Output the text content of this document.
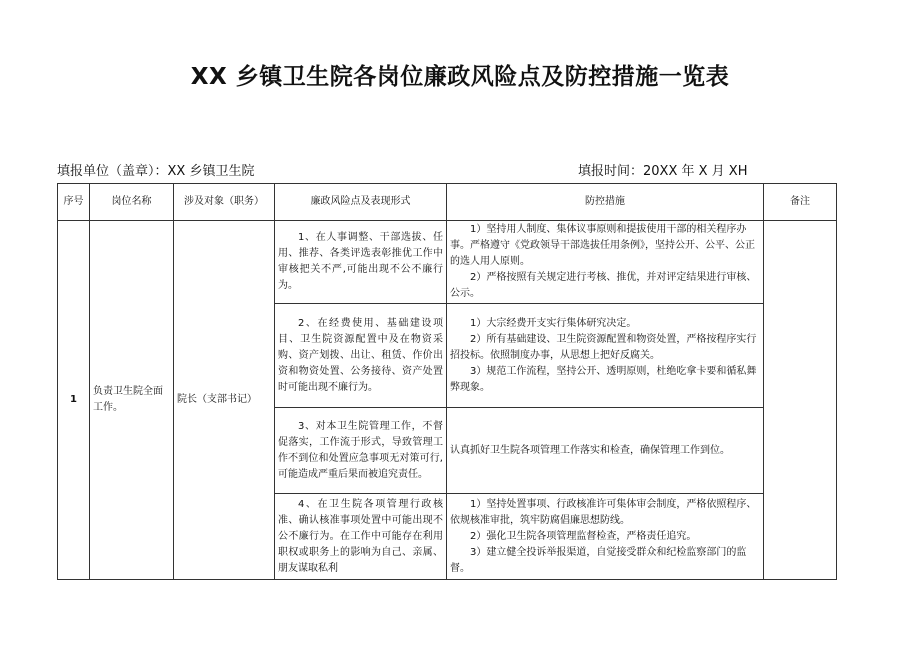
XX 乡镇卫生院各岗位廉政风险点及防控措施一览表
填报单位（盖章）：XX 乡镇卫生院	填报时间：20XX 年 X 月 XH
序号	岗位名称	涉及对象（职务）	廉政风险点及表现形式	防控措施	备注
1	负责卫生院全面工作。	院长（支部书记）	1、在人事调整、干部选拔、任用、推荐、各类评选表彰推优工作中审核把关不严,可能出现不公不廉行为。	1）坚持用人制度、集体议事原则和提拔使用干部的相关程序办事。严格遵守《党政领导干部选拔任用条例》，坚持公开、公平、公正的选人用人原则。

2）严格按照有关规定进行考核、推优，并对评定结果进行审核、公示。	

			2、在经费使用、基础建设项目、卫生院资源配置中及在物资采购、资产划拨、出让、租赁、作价出资和物资处置、公务接待、资产处置时可能出现不廉行为。	1）大宗经费开支实行集体研究决定。

2）所有基础建设、卫生院资源配置和物资处置，严格按程序实行招投标。依照制度办事，从思想上把好反腐关。

3）规范工作流程，坚持公开、透明原则，杜绝吃拿卡要和循私舞弊现象。	

			3、对本卫生院管理工作，不督促落实，工作流于形式，导致管理工作不到位和处置应急事项无对策可行,可能造成严重后果而被追究责任。	认真抓好卫生院各项管理工作落实和检查，确保管理工作到位。	

			4、在卫生院各项管理行政核准、确认核准事项处置中可能出现不公不廉行为。在工作中可能存在利用职权或职务上的影响为自己、亲属、朋友谋取私利	1）坚持处置事项、行政核准许可集体审会制度，严格依照程序、依规核准审批，筑牢防腐倡廉思想防线。

2）强化卫生院各项管理监督检查，严格责任追究。

3）建立健全投诉举报渠道，自觉接受群众和纪检监察部门的监督。	
